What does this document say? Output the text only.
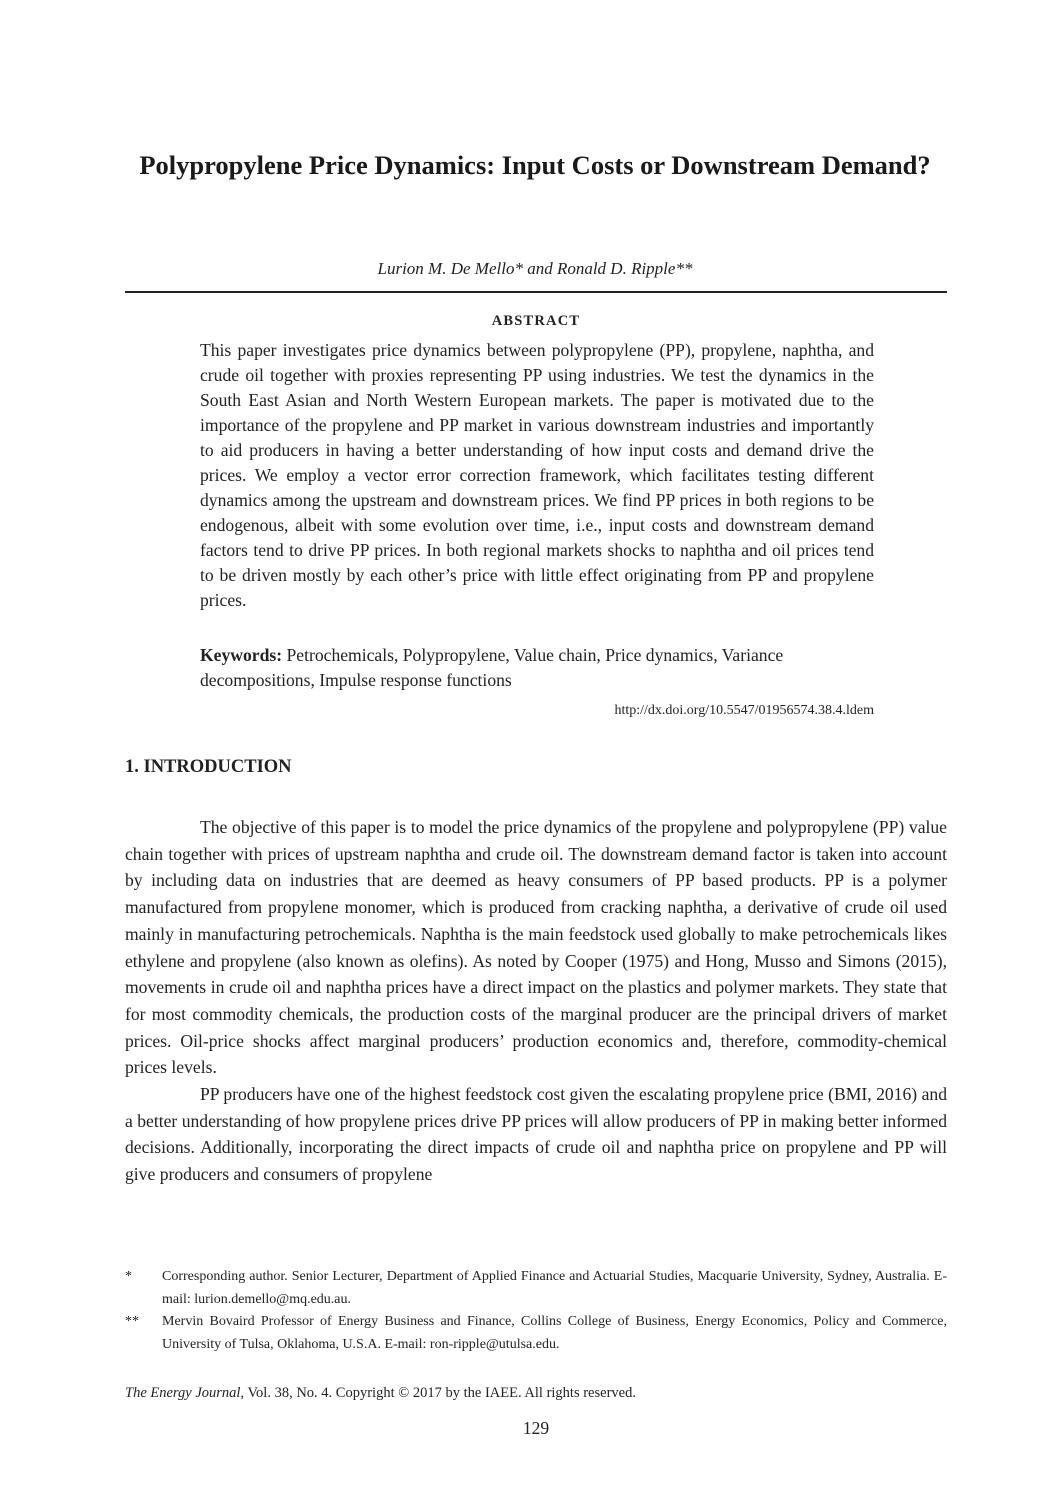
Polypropylene Price Dynamics: Input Costs or Downstream Demand?
Lurion M. De Mello* and Ronald D. Ripple**
ABSTRACT
This paper investigates price dynamics between polypropylene (PP), propylene, naphtha, and crude oil together with proxies representing PP using industries. We test the dynamics in the South East Asian and North Western European markets. The paper is motivated due to the importance of the propylene and PP market in various downstream industries and importantly to aid producers in having a better understanding of how input costs and demand drive the prices. We employ a vector error correction framework, which facilitates testing different dynamics among the upstream and downstream prices. We find PP prices in both regions to be endogenous, albeit with some evolution over time, i.e., input costs and downstream demand factors tend to drive PP prices. In both regional markets shocks to naphtha and oil prices tend to be driven mostly by each other’s price with little effect originating from PP and propylene prices.
Keywords: Petrochemicals, Polypropylene, Value chain, Price dynamics, Variance decompositions, Impulse response functions
http://dx.doi.org/10.5547/01956574.38.4.ldem
1. INTRODUCTION

The objective of this paper is to model the price dynamics of the propylene and polypropylene (PP) value chain together with prices of upstream naphtha and crude oil. The downstream demand factor is taken into account by including data on industries that are deemed as heavy consumers of PP based products. PP is a polymer manufactured from propylene monomer, which is produced from cracking naphtha, a derivative of crude oil used mainly in manufacturing petrochemicals. Naphtha is the main feedstock used globally to make petrochemicals likes ethylene and propylene (also known as olefins). As noted by Cooper (1975) and Hong, Musso and Simons (2015), movements in crude oil and naphtha prices have a direct impact on the plastics and polymer markets. They state that for most commodity chemicals, the production costs of the marginal producer are the principal drivers of market prices. Oil-price shocks affect marginal producers’ production economics and, therefore, commodity-chemical prices levels.

PP producers have one of the highest feedstock cost given the escalating propylene price (BMI, 2016) and a better understanding of how propylene prices drive PP prices will allow producers of PP in making better informed decisions. Additionally, incorporating the direct impacts of crude oil and naphtha price on propylene and PP will give producers and consumers of propylene

*	Corresponding author. Senior Lecturer, Department of Applied Finance and Actuarial Studies, Macquarie University, Sydney, Australia. E-mail: lurion.demello@mq.edu.au.
**	Mervin Bovaird Professor of Energy Business and Finance, Collins College of Business, Energy Economics, Policy and Commerce, University of Tulsa, Oklahoma, U.S.A. E-mail: ron-ripple@utulsa.edu.
The Energy Journal, Vol. 38, No. 4. Copyright © 2017 by the IAEE. All rights reserved.
129
